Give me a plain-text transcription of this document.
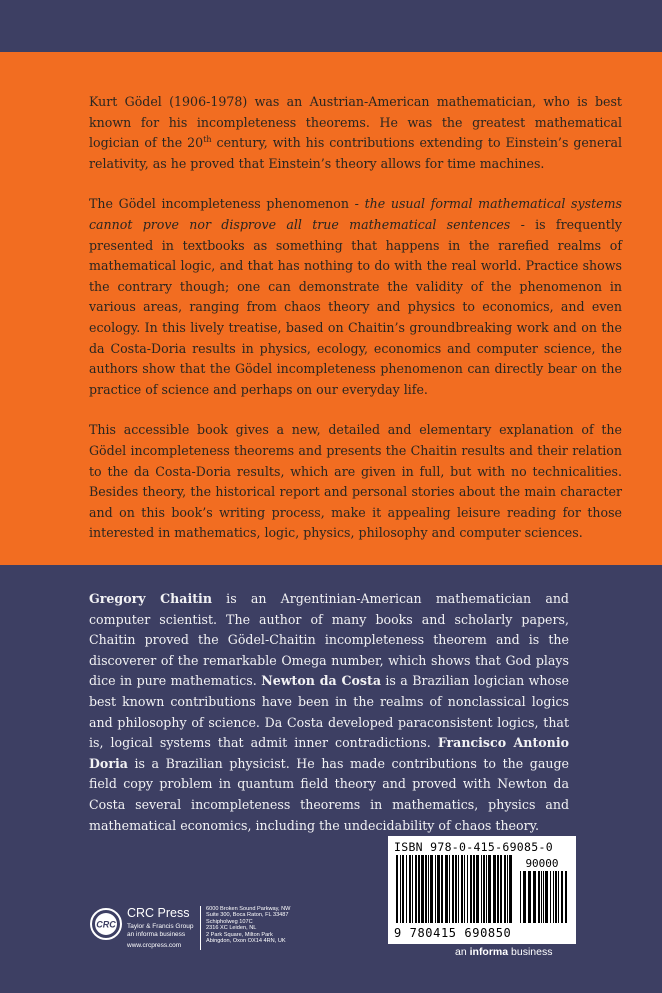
Kurt Gödel (1906-1978) was an Austrian-American mathematician, who is best known for his incompleteness theorems. He was the greatest mathematical logician of the 20th century, with his contributions extending to Einstein’s general relativity, as he proved that Einstein’s theory allows for time machines.

The Gödel incompleteness phenomenon - the usual formal mathematical systems cannot prove nor disprove all true mathematical sentences - is frequently presented in textbooks as something that happens in the rarefied realms of mathematical logic, and that has nothing to do with the real world. Practice shows the contrary though; one can demonstrate the validity of the phenomenon in various areas, ranging from chaos theory and physics to economics, and even ecology. In this lively treatise, based on Chaitin’s groundbreaking work and on the da Costa-Doria results in physics, ecology, economics and computer science, the authors show that the Gödel incompleteness phenomenon can directly bear on the practice of science and perhaps on our everyday life.

This accessible book gives a new, detailed and elementary explanation of the Gödel incompleteness theorems and presents the Chaitin results and their relation to the da Costa-Doria results, which are given in full, but with no technicalities. Besides theory, the historical report and personal stories about the main character and on this book’s writing process, make it appealing leisure reading for those interested in mathematics, logic, physics, philosophy and computer sciences.

Gregory Chaitin is an Argentinian-American mathematician and computer scientist. The author of many books and scholarly papers, Chaitin proved the Gödel-Chaitin incompleteness theorem and is the discoverer of the remarkable Omega number, which shows that God plays dice in pure mathematics. Newton da Costa is a Brazilian logician whose best known contributions have been in the realms of nonclassical logics and philosophy of science. Da Costa developed paraconsistent logics, that is, logical systems that admit inner contradictions. Francisco Antonio Doria is a Brazilian physicist. He has made contributions to the gauge field copy problem in quantum field theory and proved with Newton da Costa several incompleteness theorems in mathematics, physics and mathematical economics, including the undecidability of chaos theory.

CRC
CRC Press
Taylor & Francis Group
an informa business
www.crcpress.com
6000 Broken Sound Parkway, NW
Suite 300, Boca Raton, FL 33487
Schipholweg 107C
2316 XC Leiden, NL
2 Park Square, Milton Park
Abingdon, Oxon OX14 4RN, UK
ISBN 978-0-415-69085-0
90000
9 780415 690850
an informa business
